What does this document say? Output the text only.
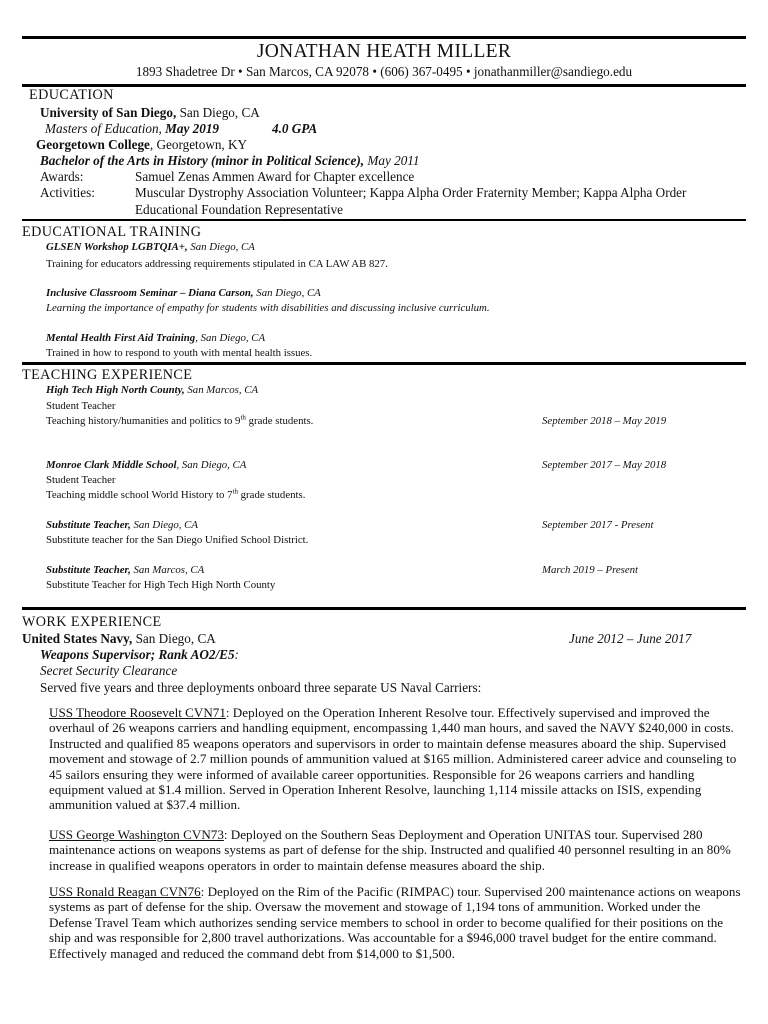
JONATHAN HEATH MILLER
1893 Shadetree Dr • San Marcos, CA 92078 • (606) 367-0495 • jonathanmiller@sandiego.edu
EDUCATION
University of San Diego, San Diego, CA
Masters of Education, May 2019	4.0 GPA
Georgetown College, Georgetown, KY
Bachelor of the Arts in History (minor in Political Science), May 2011
Awards:	Samuel Zenas Ammen Award for Chapter excellence
Activities:	Muscular Dystrophy Association Volunteer; Kappa Alpha Order Fraternity Member; Kappa Alpha Order
Educational Foundation Representative
EDUCATIONAL TRAINING
GLSEN Workshop LGBTQIA+, San Diego, CA
Training for educators addressing requirements stipulated in CA LAW AB 827.
Inclusive Classroom Seminar – Diana Carson, San Diego, CA
Learning the importance of empathy for students with disabilities and discussing inclusive curriculum.
Mental Health First Aid Training, San Diego, CA
Trained in how to respond to youth with mental health issues.
TEACHING EXPERIENCE
High Tech High North County, San Marcos, CA
Student Teacher
Teaching history/humanities and politics to 9th grade students.	September 2018 – May 2019
Monroe Clark Middle School, San Diego, CA	September 2017 – May 2018
Student Teacher
Teaching middle school World History to 7th grade students.
Substitute Teacher, San Diego, CA	September 2017 - Present
Substitute teacher for the San Diego Unified School District.
Substitute Teacher, San Marcos, CA	March 2019 – Present
Substitute Teacher for High Tech High North County
WORK EXPERIENCE
United States Navy, San Diego, CA	June 2012 – June 2017
Weapons Supervisor; Rank AO2/E5:
Secret Security Clearance
Served five years and three deployments onboard three separate US Naval Carriers:
USS Theodore Roosevelt CVN71: Deployed on the Operation Inherent Resolve tour. Effectively supervised and improved the overhaul of 26 weapons carriers and handling equipment, encompassing 1,440 man hours, and saved the NAVY $240,000 in costs. Instructed and qualified 85 weapons operators and supervisors in order to maintain defense measures aboard the ship. Supervised movement and stowage of 2.7 million pounds of ammunition valued at $165 million. Administered career advice and counseling to 45 sailors ensuring they were informed of available career opportunities. Responsible for 26 weapons carriers and handling equipment valued at $1.4 million. Served in Operation Inherent Resolve, launching 1,114 missile attacks on ISIS, expending ammunition valued at $37.4 million.
USS George Washington CVN73: Deployed on the Southern Seas Deployment and Operation UNITAS tour. Supervised 280 maintenance actions on weapons systems as part of defense for the ship. Instructed and qualified 40 personnel resulting in an 80% increase in qualified weapons operators in order to maintain defense measures aboard the ship.
USS Ronald Reagan CVN76: Deployed on the Rim of the Pacific (RIMPAC) tour. Supervised 200 maintenance actions on weapons systems as part of defense for the ship. Oversaw the movement and stowage of 1,194 tons of ammunition. Worked under the Defense Travel Team which authorizes sending service members to school in order to become qualified for their positions on the ship and was responsible for 2,800 travel authorizations. Was accountable for a $946,000 travel budget for the entire command. Effectively managed and reduced the command debt from $14,000 to $1,500.
